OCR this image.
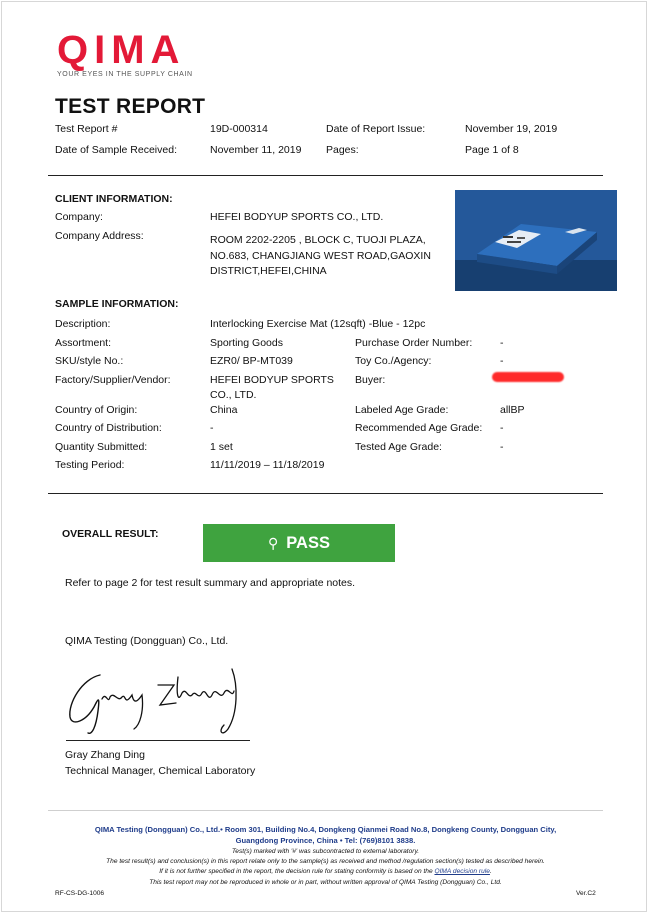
QIMA
YOUR EYES IN THE SUPPLY CHAIN
TEST REPORT
Test Report #	19D-000314	Date of Report Issue:	November 19, 2019
Date of Sample Received:	November 11, 2019 Pages:	Page 1 of 8
CLIENT INFORMATION:
Company:	HEFEI BODYUP SPORTS CO., LTD.
Company Address:	ROOM 2202-2205 , BLOCK C, TUOJI PLAZA,
NO.683, CHANGJIANG WEST ROAD,GAOXIN
DISTRICT,HEFEI,CHINA
SAMPLE INFORMATION:
Description:	Interlocking Exercise Mat (12sqft) -Blue - 12pc
Assortment:	Sporting Goods	Purchase Order Number:	-
SKU/style No.:	EZR0/ BP-MT039	Toy Co./Agency:	-
Factory/Supplier/Vendor:	HEFEI BODYUP SPORTS
CO., LTD.
Buyer:
Country of Origin:	China	Labeled Age Grade:	allBP
Country of Distribution:	-	Recommended Age Grade: -
Quantity Submitted:	1 set	Tested Age Grade:	-
Testing Period:	11/11/2019 – 11/18/2019
OVERALL RESULT:
⚲ PASS
Refer to page 2 for test result summary and appropriate notes.
QIMA Testing (Dongguan) Co., Ltd.
Gray Zhang Ding
Technical Manager, Chemical Laboratory
QIMA Testing (Dongguan) Co., Ltd.• Room 301, Building No.4, Dongkeng Qianmei Road No.8, Dongkeng County, Dongguan City,
Guangdong Province, China • Tel: (769)8101 3838.
Test(s) marked with '#' was subcontracted to external laboratory.
The test result(s) and conclusion(s) in this report relate only to the sample(s) as received and method /regulation section(s) tested as described herein.
If it is not further specified in the report, the decision rule for stating conformity is based on the QIMA decision rule.
This test report may not be reproduced in whole or in part, without written approval of QIMA Testing (Dongguan) Co., Ltd.
RF-CS-DG-1006	Ver.C2
